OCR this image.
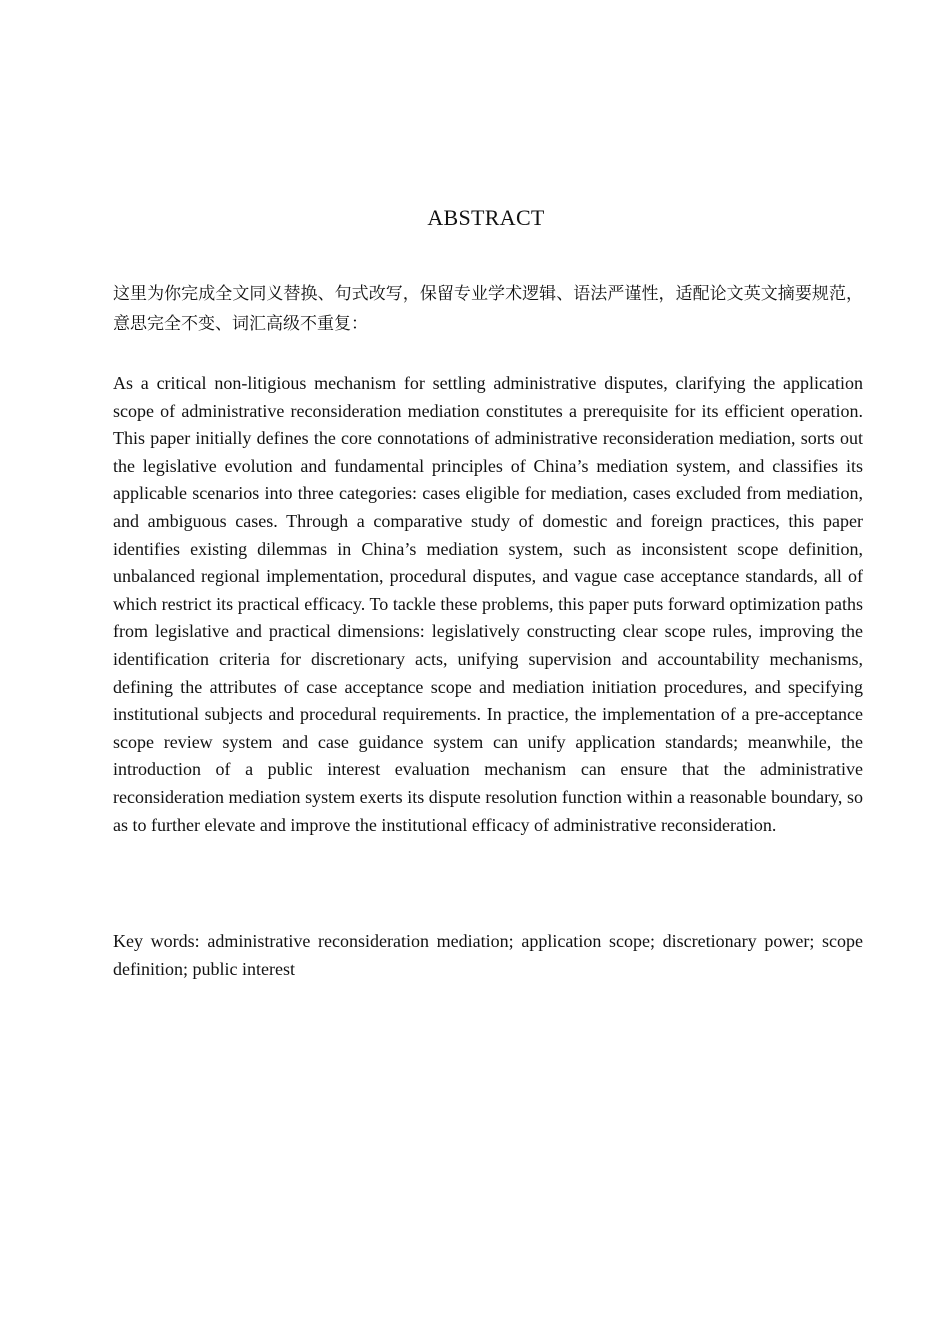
ABSTRACT

这里为你完成全文同义替换、句式改写，保留专业学术逻辑、语法严谨性，适配论文英文摘要规范，意思完全不变、词汇高级不重复：

As a critical non-litigious mechanism for settling administrative disputes, clarifying the application scope of administrative reconsideration mediation constitutes a prerequisite for its efficient operation. This paper initially defines the core connotations of administrative reconsideration mediation, sorts out the legislative evolution and fundamental principles of China’s mediation system, and classifies its applicable scenarios into three categories: cases eligible for mediation, cases excluded from mediation, and ambiguous cases. Through a comparative study of domestic and foreign practices, this paper identifies existing dilemmas in China’s mediation system, such as inconsistent scope definition, unbalanced regional implementation, procedural disputes, and vague case acceptance standards, all of which restrict its practical efficacy. To tackle these problems, this paper puts forward optimization paths from legislative and practical dimensions: legislatively constructing clear scope rules, improving the identification criteria for discretionary acts, unifying supervision and accountability mechanisms, defining the attributes of case acceptance scope and mediation initiation procedures, and specifying institutional subjects and procedural requirements. In practice, the implementation of a pre-acceptance scope review system and case guidance system can unify application standards; meanwhile, the introduction of a public interest evaluation mechanism can ensure that the administrative reconsideration mediation system exerts its dispute resolution function within a reasonable boundary, so as to further elevate and improve the institutional efficacy of administrative reconsideration.

Key words: administrative reconsideration mediation; application scope; discretionary power; scope definition; public interest
